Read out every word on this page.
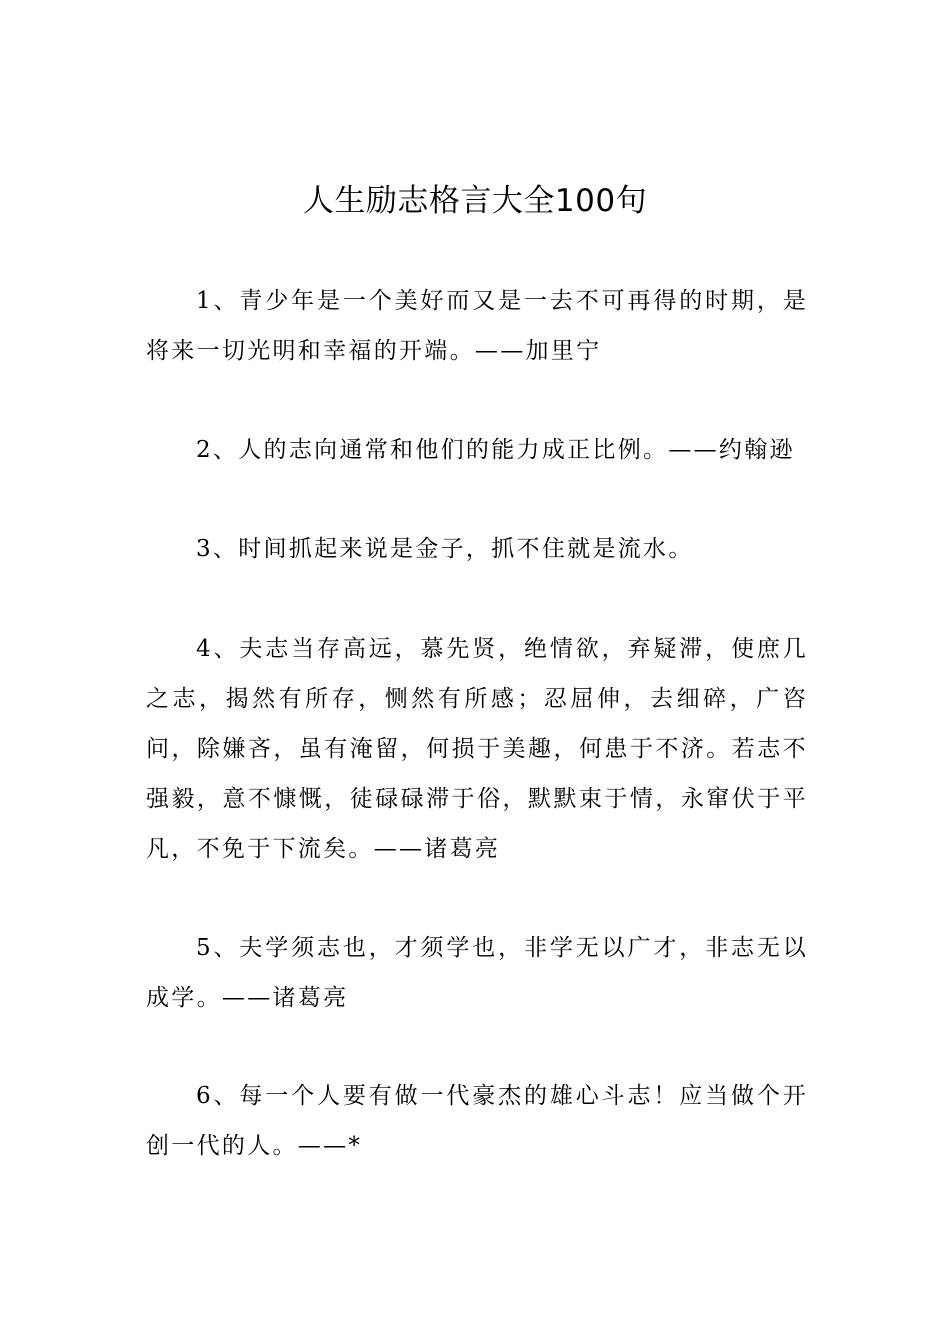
人生励志格言大全100句

1、青少年是一个美好而又是一去不可再得的时期，是将来一切光明和幸福的开端。——加里宁

2、人的志向通常和他们的能力成正比例。——约翰逊

3、时间抓起来说是金子，抓不住就是流水。

4、夫志当存高远，慕先贤，绝情欲，弃疑滞，使庶几之志，揭然有所存，恻然有所感；忍屈伸，去细碎，广咨问，除嫌吝，虽有淹留，何损于美趣，何患于不济。若志不强毅，意不慷慨，徒碌碌滞于俗，默默束于情，永窜伏于平凡，不免于下流矣。——诸葛亮

5、夫学须志也，才须学也，非学无以广才，非志无以成学。——诸葛亮

6、每一个人要有做一代豪杰的雄心斗志！应当做个开创一代的人。——*
